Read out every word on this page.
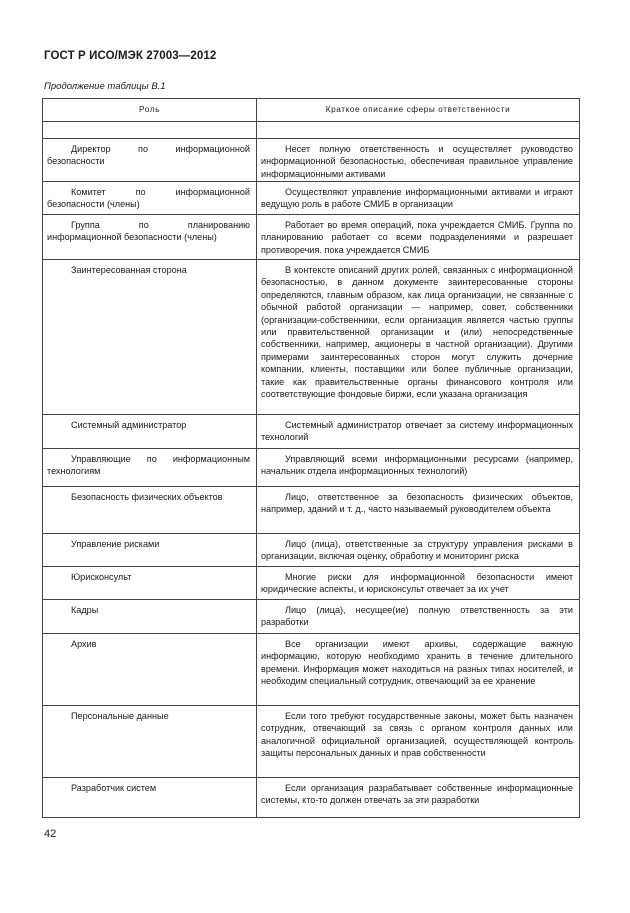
ГОСТ Р ИСО/МЭК 27003—2012
Продолжение таблицы В.1
Роль	Краткое описание сферы ответственности

Директор по информационной безопасности	Несет полную ответственность и осуществляет руководство информационной безопасностью, обеспечивая правильное управление информационными активами
Комитет по информационной безопасности (члены)	Осуществляют управление информационными активами и играют ведущую роль в работе СМИБ в организации
Группа по планированию информационной безопасности (члены)	Работает во время операций, пока учреждается СМИБ. Группа по планированию работает со всеми подразделениями и разрешает противоречия. пока учреждается СМИБ
Заинтересованная сторона	В контексте описаний других ролей, связанных с информационной безопасностью, в данном документе заинтересованные стороны определяются, главным образом, как лица организации, не связанные с обычной работой организации — например, совет, собственники (организации-собственники, если организация является частью группы или правительственной организации и (или) непосредственные собственники, например, акционеры в частной организации). Другими примерами заинтересованных сторон могут служить дочерние компании, клиенты, поставщики или более публичные организации, такие как правительственные органы финансового контроля или соответствующие фондовые биржи, если указана организация
Системный администратор	Системный администратор отвечает за систему информационных технологий
Управляющие по информационным технологиям	Управляющий всеми информационными ресурсами (например, начальник отдела информационных технологий)
Безопасность физических объектов	Лицо, ответственное за безопасность физических объектов, например, зданий и т. д., часто называемый руководителем объекта
Управление рисками	Лицо (лица), ответственные за структуру управления рисками в организации, включая оценку, обработку и мониторинг риска
Юрисконсульт	Многие риски для информационной безопасности имеют юридические аспекты, и юрисконсульт отвечает за их учет
Кадры	Лицо (лица), несущее(ие) полную ответственность за эти разработки
Архив	Все организации имеют архивы, содержащие важную информацию, которую необходимо хранить в течение длительного времени. Информация может находиться на разных типах носителей, и необходим специальный сотрудник, отвечающий за ее хранение
Персональные данные	Если того требуют государственные законы, может быть назначен сотрудник, отвечающий за связь с органом контроля данных или аналогичной официальной организацией, осуществляющей контроль защиты персональных данных и прав собственности
Разработчик систем	Если организация разрабатывает собственные информационные системы, кто-то должен отвечать за эти разработки
42
